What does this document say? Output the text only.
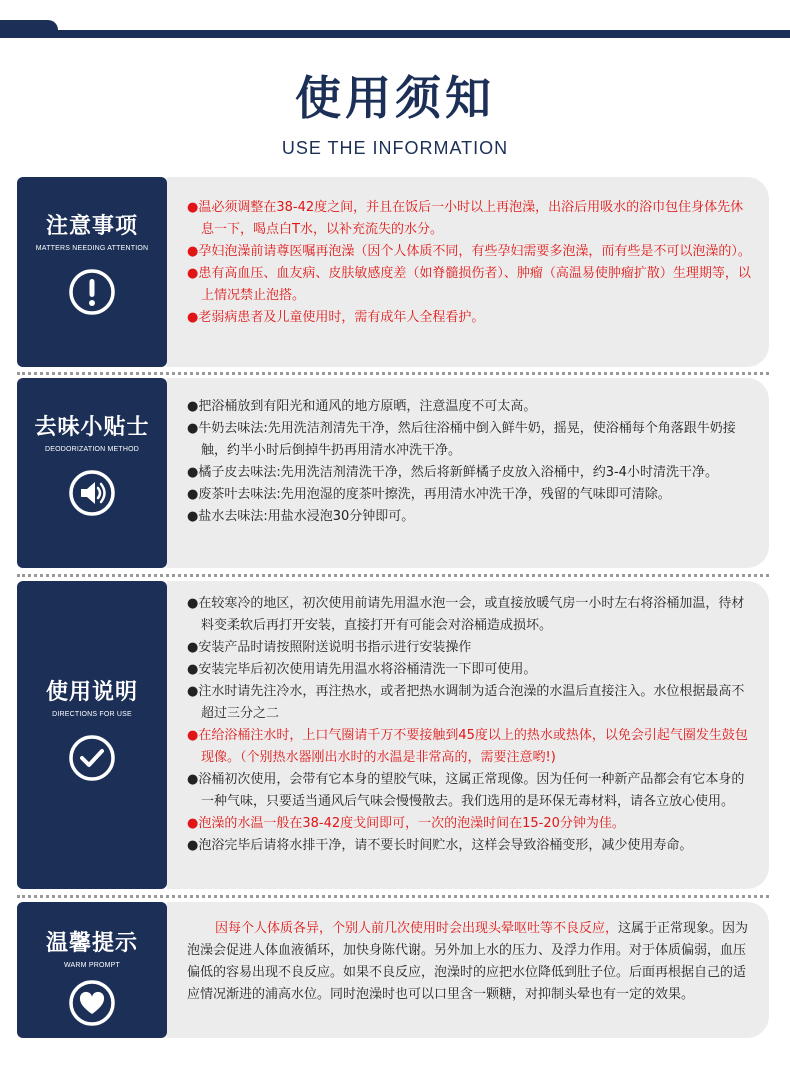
使用须知
USE THE INFORMATION
注意事项
MATTERS NEEDING ATTENTION
●温必须调整在38-42度之间，并且在饭后一小时以上再泡澡，出浴后用吸水的浴巾包住身体先休息一下，喝点白T水，以补充流失的水分。
●孕妇泡澡前请尊医嘱再泡澡（因个人体质不同，有些孕妇需要多泡澡，而有些是不可以泡澡的）。
●患有高血压、血友病、皮肤敏感度差（如脊髓损伤者）、肿瘤（高温易使肿瘤扩散）生理期等，以上情况禁止泡搭。
●老弱病患者及儿童使用时，需有成年人全程看护。
去味小贴士
DEODORIZATION METHOD
●把浴桶放到有阳光和通风的地方原晒，注意温度不可太高。
●牛奶去味法:先用洗洁剂清先干净，然后往浴桶中倒入鲜牛奶，摇晃，使浴桶每个角落跟牛奶接触，约半小时后倒掉牛扔再用清水冲洗干净。
●橘子皮去味法:先用洗洁剂清洗干净，然后将新鲜橘子皮放入浴桶中，约3-4小时清洗干净。
●废茶叶去味法:先用泡湿的度茶叶擦洗，再用清水冲洗干净，残留的气味即可清除。
●盐水去味法:用盐水浸泡30分钟即可。
使用说明
DIRECTIONS FOR USE
●在较寒冷的地区，初次使用前请先用温水泡一会，或直接放暖气房一小时左右将浴桶加温，待材料变柔软后再打开安装，直接打开有可能会对浴桶造成损坏。
●安装产品时请按照附送说明书指示进行安装操作
●安装完毕后初次使用请先用温水将浴桶清洗一下即可使用。
●注水时请先注冷水，再注热水，或者把热水调制为适合泡澡的水温后直接注入。水位根据最高不超过三分之二
●在给浴桶注水时，上口气圈请千万不要接触到45度以上的热水或热体，以免会引起气圈发生鼓包现像。（个别热水器刚出水时的水温是非常高的，需要注意哟!)
●浴桶初次使用，会带有它本身的望胶气味，这属正常现像。因为任何一种新产品都会有它本身的一种气味，只要适当通风后气味会慢慢散去。我们选用的是环保无毒材料，请各立放心使用。
●泡澡的水温一般在38-42度戈间即可，一次的泡澡时间在15-20分钟为佳。
●泡浴完毕后请将水排干净，请不要长时间贮水，这样会导致浴桶变形，减少使用寿命。
温馨提示
WARM PROMPT
因每个人体质各异，个别人前几次使用时会出现头晕呕吐等不良反应，这属于正常现象。因为泡澡会促进人体血液循环，加快身陈代谢。另外加上水的压力、及浮力作用。对于体质偏弱，血压偏低的容易出现不良反应。如果不良反应，泡澡时的应把水位降低到肚子位。后面再根据自己的适应情况渐进的浦高水位。同时泡澡时也可以口里含一颗糖，对抑制头晕也有一定的效果。
